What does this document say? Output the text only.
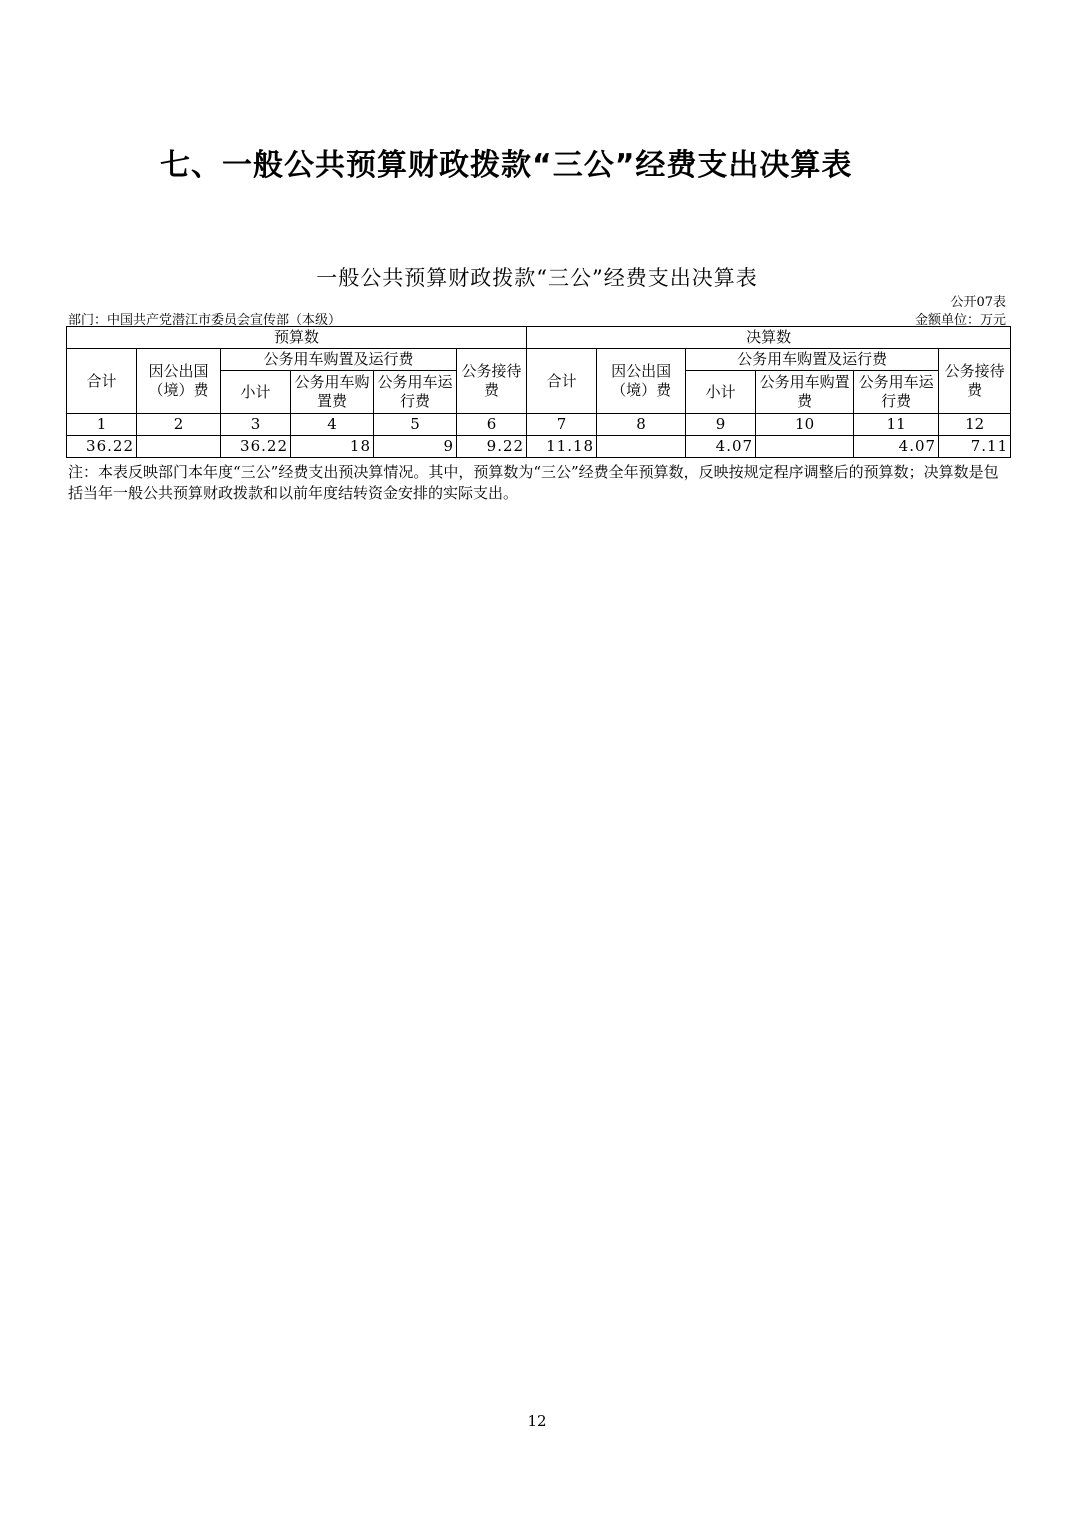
七、一般公共预算财政拨款“三公”经费支出决算表
一般公共预算财政拨款“三公”经费支出决算表
公开07表
部门：中国共产党潜江市委员会宣传部（本级）	金额单位：万元
预算数						决算数					
合计	因公出国（境）费	公务用车购置及运行费			公务接待费	合计	因公出国（境）费	公务用车购置及运行费			公务接待费
		小计	公务用车购置费	公务用车运行费				小计	公务用车购置费	公务用车运行费	
1	2	3	4	5	6	7	8	9	10	11	12
36.22		36.22	18	9	9.22	11.18		4.07		4.07	7.11
注：本表反映部门本年度“三公”经费支出预决算情况。其中，预算数为“三公”经费全年预算数，反映按规定程序调整后的预算数；决算数是包括当年一般公共预算财政拨款和以前年度结转资金安排的实际支出。
12
